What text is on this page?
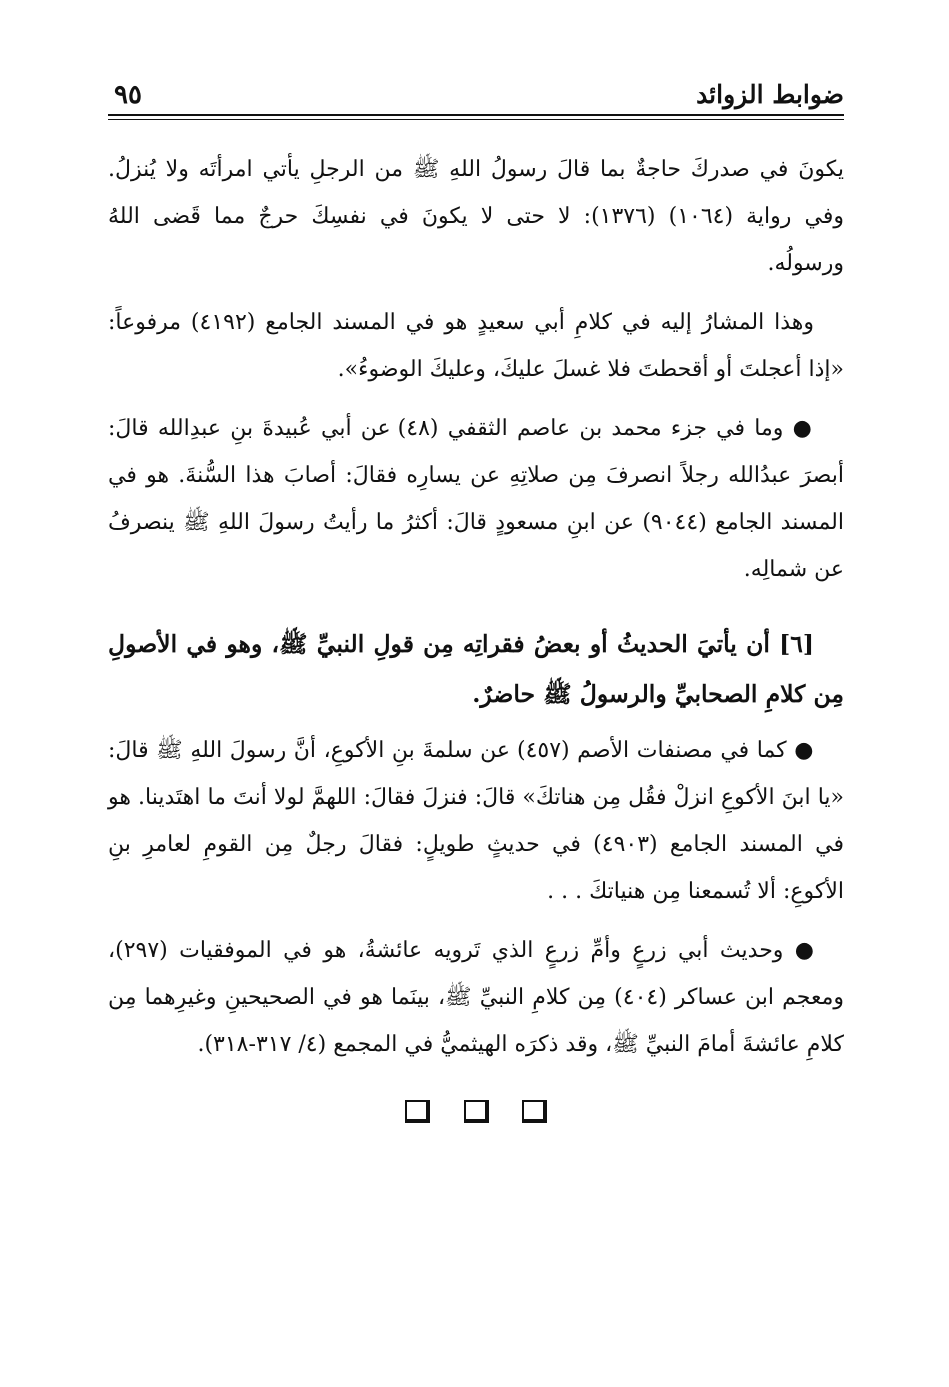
ضوابط الزوائد
٩٥

يكونَ في صدركَ حاجةٌ بما قالَ رسولُ اللهِ ﷺ من الرجلِ يأتي امرأتَه ولا يُنزلُ. وفي رواية (١٠٦٤) (١٣٧٦): لا حتى لا يكونَ في نفسِكَ حرجٌ مما قَضى اللهُ ورسولُه.

وهذا المشارُ إليه في كلامِ أبي سعيدٍ هو في المسند الجامع (٤١٩٢) مرفوعاً: «إذا أعجلتَ أو أقحطتَ فلا غسلَ عليكَ، وعليكَ الوضوءُ».

● وما في جزء محمد بن عاصم الثقفي (٤٨) عن أبي عُبيدةَ بنِ عبدِالله قالَ: أبصرَ عبدُالله رجلاً انصرفَ مِن صلاتِهِ عن يسارِه فقالَ: أصابَ هذا السُّنةَ. هو في المسند الجامع (٩٠٤٤) عن ابنِ مسعودٍ قالَ: أكثرُ ما رأيتُ رسولَ اللهِ ﷺ ينصرفُ عن شمالِه.

[٦] أن يأتيَ الحديثُ أو بعضُ فقراتِه مِن قولِ النبيِّ ﷺ، وهو في الأصولِ مِن كلامِ الصحابيِّ والرسولُ ﷺ حاضرٌ.

● كما في مصنفات الأصم (٤٥٧) عن سلمةَ بنِ الأكوعِ، أنَّ رسولَ اللهِ ﷺ قالَ: «يا ابنَ الأكوعِ انزلْ فقُل مِن هناتكَ» قالَ: فنزلَ فقالَ: اللهمَّ لولا أنتَ ما اهتَدينا. هو في المسند الجامع (٤٩٠٣) في حديثٍ طويلٍ: فقالَ رجلٌ مِن القومِ لعامرِ بنِ الأكوعِ: ألا تُسمعنا مِن هنياتكَ . . .

● وحديث أبي زرعٍ وأمِّ زرعٍ الذي تَرويه عائشةُ، هو في الموفقيات (٢٩٧)، ومعجم ابن عساكر (٤٠٤) مِن كلامِ النبيِّ ﷺ، بينَما هو في الصحيحينِ وغيرِهما مِن كلامِ عائشةَ أمامَ النبيِّ ﷺ، وقد ذكرَه الهيثميُّ في المجمع (٤/ ٣١٧-٣١٨).
